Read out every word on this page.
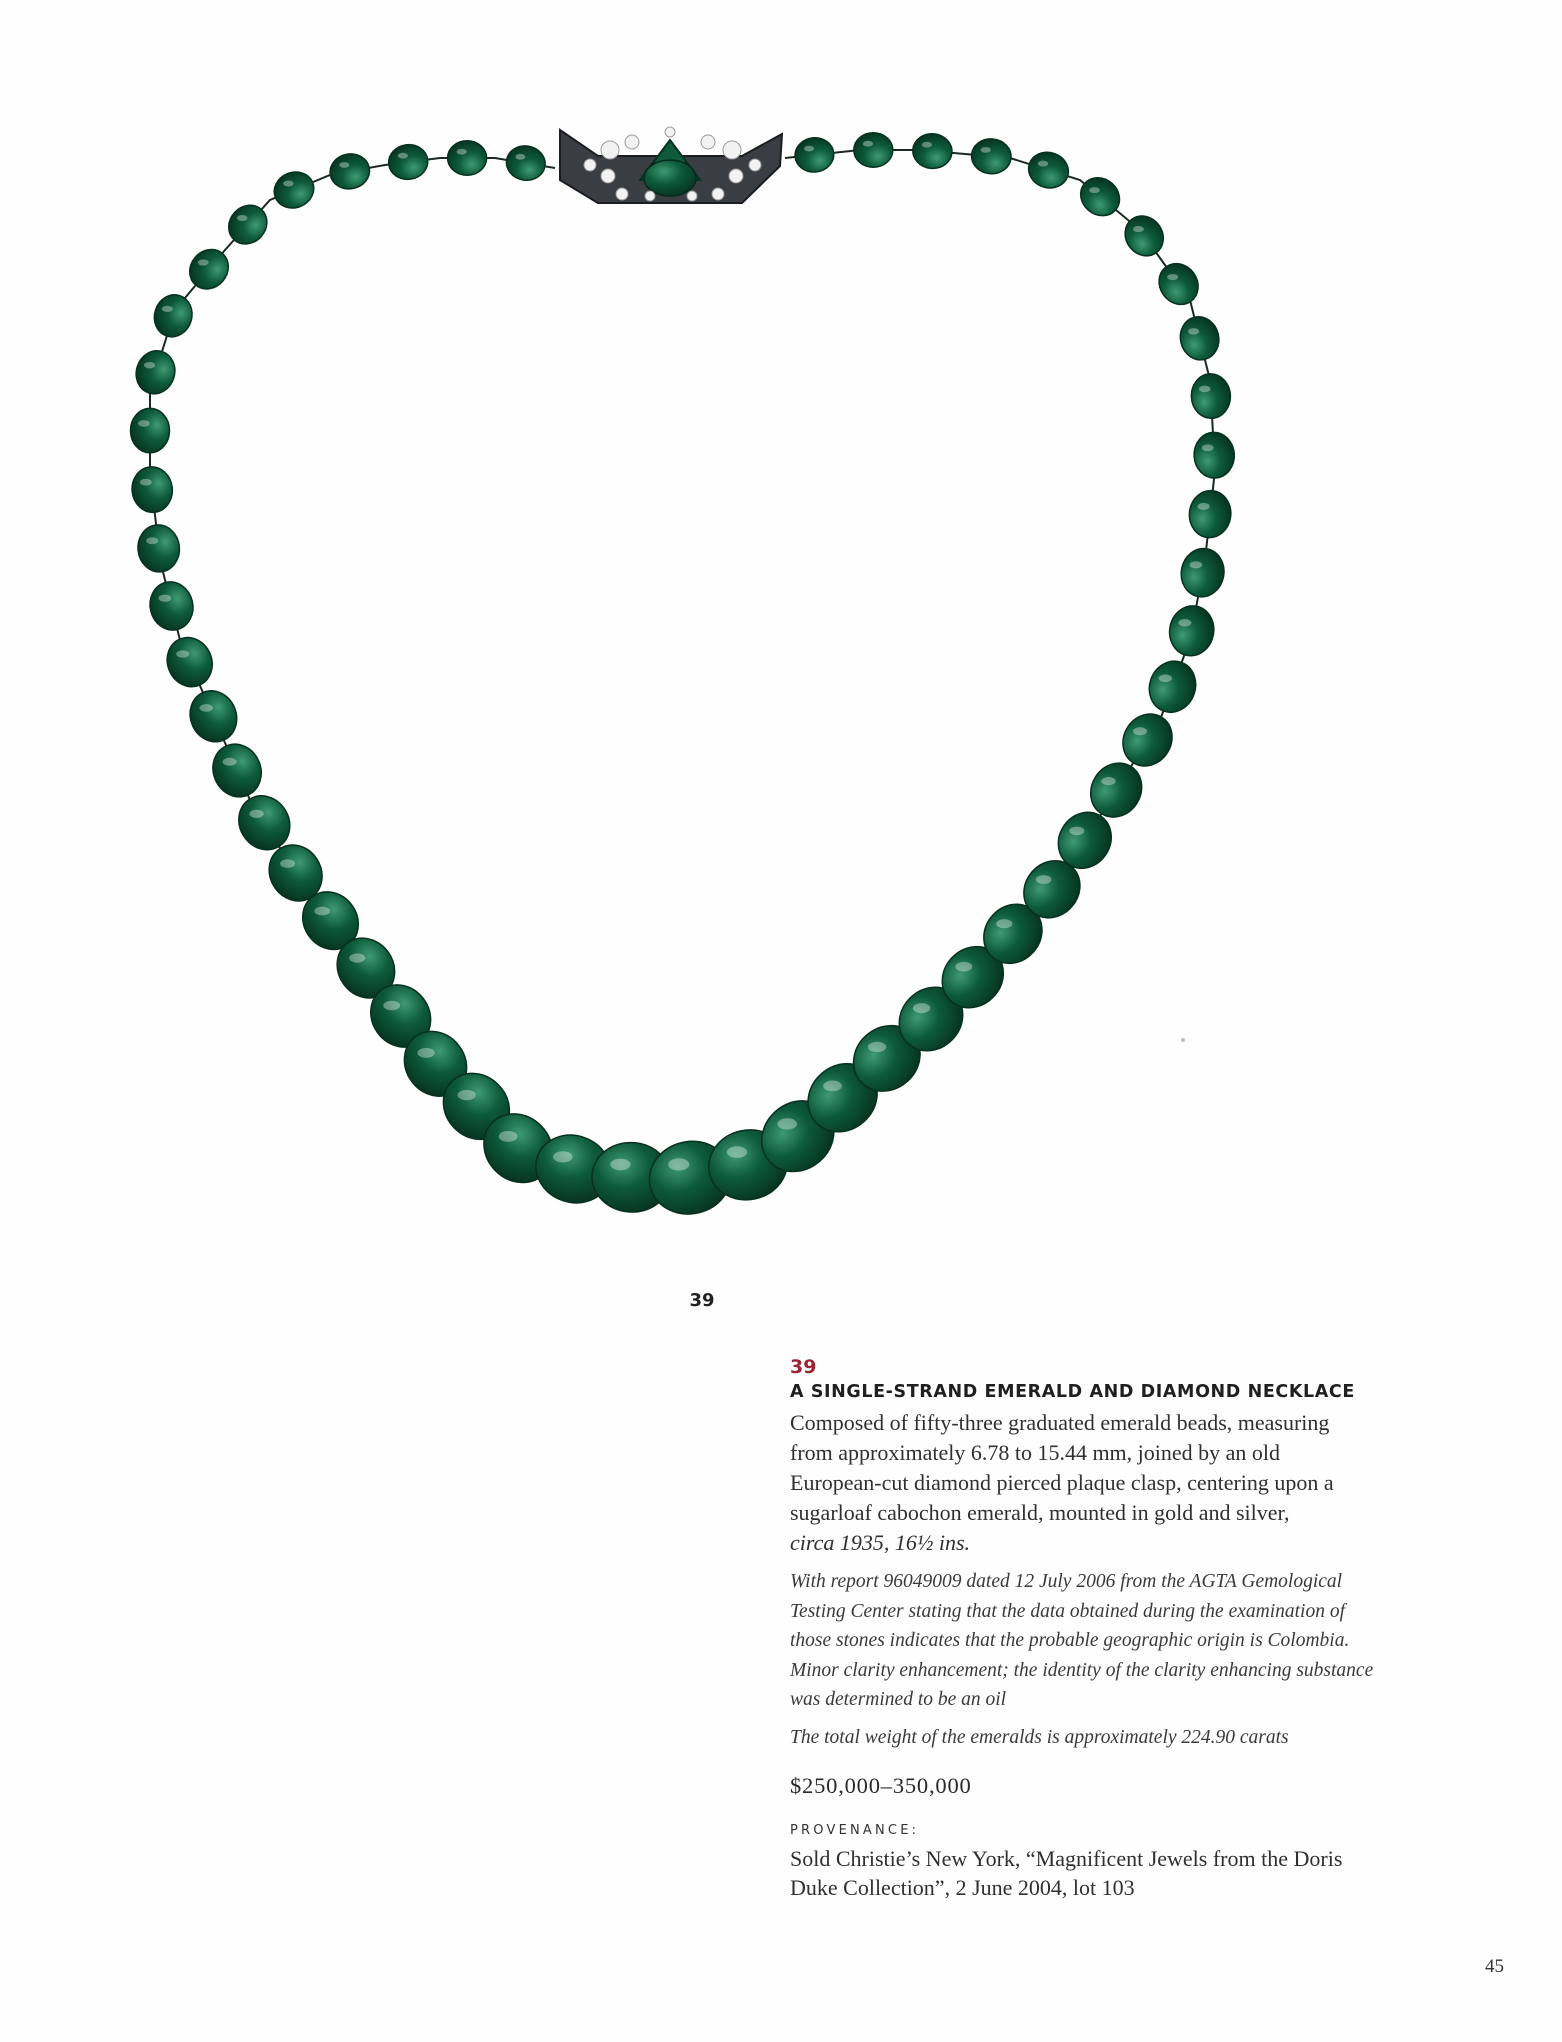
39
39
A SINGLE-STRAND EMERALD AND DIAMOND NECKLACE
Composed of fifty-three graduated emerald beads, measuring
from approximately 6.78 to 15.44 mm, joined by an old
European-cut diamond pierced plaque clasp, centering upon a
sugarloaf cabochon emerald, mounted in gold and silver,
circa 1935, 16½ ins.
With report 96049009 dated 12 July 2006 from the AGTA Gemological
Testing Center stating that the data obtained during the examination of
those stones indicates that the probable geographic origin is Colombia.
Minor clarity enhancement; the identity of the clarity enhancing substance
was determined to be an oil
The total weight of the emeralds is approximately 224.90 carats
$250,000–350,000
PROVENANCE:
Sold Christie’s New York, “Magnificent Jewels from the Doris
Duke Collection”, 2 June 2004, lot 103
45
